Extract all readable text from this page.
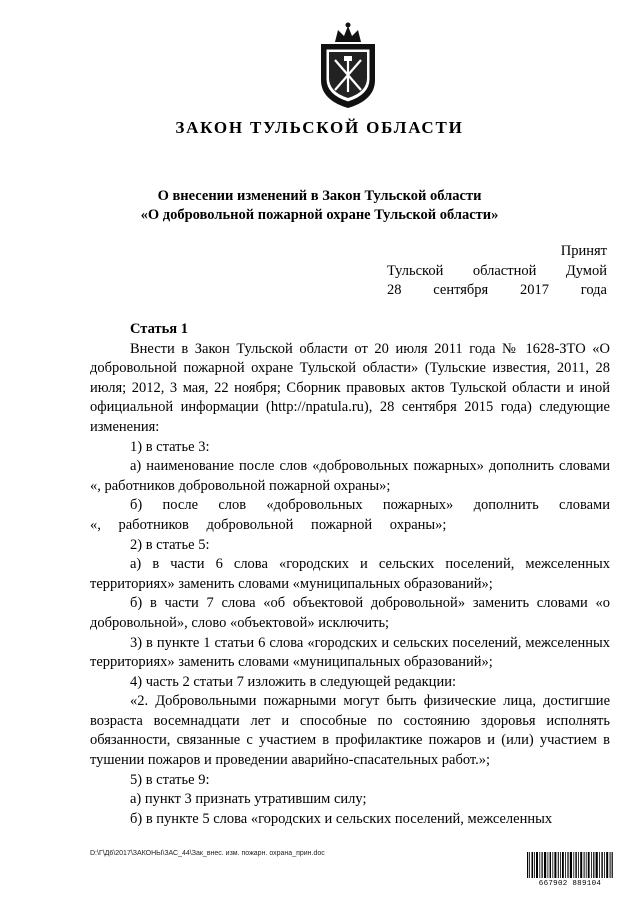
ЗАКОН ТУЛЬСКОЙ ОБЛАСТИ
О внесении изменений в Закон Тульской области
«О добровольной пожарной охране Тульской области»
Принят
Тульской областной Думой
28 сентября 2017 года
Статья 1
Внести в Закон Тульской области от 20 июля 2011 года № 1628-ЗТО «О добровольной пожарной охране Тульской области» (Тульские известия, 2011, 28 июля; 2012, 3 мая, 22 ноября; Сборник правовых актов Тульской области и иной официальной информации (http://npatula.ru), 28 сентября 2015 года) следующие изменения:
1) в статье 3:
а) наименование после слов «добровольных пожарных» дополнить словами «, работников добровольной пожарной охраны»;
б) после слов «добровольных пожарных» дополнить словами «, работников добровольной пожарной охраны»;
2) в статье 5:
а) в части 6 слова «городских и сельских поселений, межселенных территориях» заменить словами «муниципальных образований»;
б) в части 7 слова «об объектовой добровольной» заменить словами «о добровольной», слово «объектовой» исключить;
3) в пункте 1 статьи 6 слова «городских и сельских поселений, межселенных территориях» заменить словами «муниципальных образований»;
4) часть 2 статьи 7 изложить в следующей редакции:
«2. Добровольными пожарными могут быть физические лица, достигшие возраста восемнадцати лет и способные по состоянию здоровья исполнять обязанности, связанные с участием в профилактике пожаров и (или) участием в тушении пожаров и проведении аварийно-спасательных работ.»;
5) в статье 9:
а) пункт 3 признать утратившим силу;
б) в пункте 5 слова «городских и сельских поселений, межселенных
D:\Г\Д6\2017\ЗАКОНЫ\ЗАС_44\Зак_внес. изм. пожарн. охрана_прин.doc
667902 889104
